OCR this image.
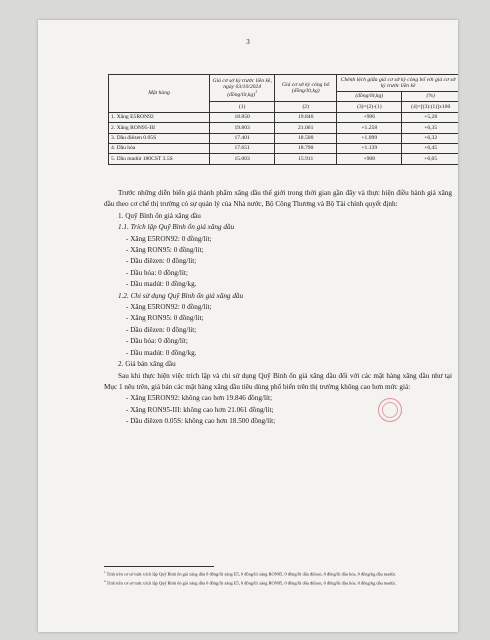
3
Mặt hàng	Giá cơ sở kỳ trước liền kề, ngày 03/10/2024 (đồng/lít,kg)$^1$	Giá cơ sở kỳ công bố (đồng/lít,kg)	Chênh lệch giữa giá cơ sở kỳ công bố với giá cơ sở kỳ trước liền kề	
			(đồng/lít,kg)	(%)
	(1)	(2)	(3)=(2)-(1)	(4)=[(3):(1)]x100
1. Xăng E5RON92	18.850	19.846	+996	+5,28
2. Xăng RON95-III	19.803	21.061	+1.258	+6,35
3. Dầu điêzen 0.05S	17.401	18.500	+1.099	+6,32
4. Dầu hỏa	17.651	18.790	+1.139	+6,45
5. Dầu madút 180CST 3.5S	15.003	15.911	+908	+6,05

Trước những diễn biến giá thành phẩm xăng dầu thế giới trong thời gian gần đây và thực hiện điều hành giá xăng dầu theo cơ chế thị trường có sự quản lý của Nhà nước, Bộ Công Thương và Bộ Tài chính quyết định:

1. Quỹ Bình ổn giá xăng dầu

1.1. Trích lập Quỹ Bình ổn giá xăng dầu

- Xăng E5RON92: 0 đồng/lít;

- Xăng RON95: 0 đồng/lít;

- Dầu điêzen: 0 đồng/lít;

- Dầu hỏa: 0 đồng/lít;

- Dầu madút: 0 đồng/kg.

1.2. Chi sử dụng Quỹ Bình ổn giá xăng dầu

- Xăng E5RON92: 0 đồng/lít;

- Xăng RON95: 0 đồng/lít;

- Dầu điêzen: 0 đồng/lít;

- Dầu hỏa: 0 đồng/lít;

- Dầu madút: 0 đồng/kg.

2. Giá bán xăng dầu

Sau khi thực hiện việc trích lập và chi sử dụng Quỹ Bình ổn giá xăng dầu đối với các mặt hàng xăng dầu như tại Mục 1 nêu trên, giá bán các mặt hàng xăng dầu tiêu dùng phổ biến trên thị trường không cao hơn mức giá:

- Xăng E5RON92: không cao hơn 19.846 đồng/lít;

- Xăng RON95-III: không cao hơn 21.061 đồng/lít;

- Dầu điêzen 0.05S: không cao hơn 18.500 đồng/lít;

$^1$ Tính trên cơ sở mức trích lập Quỹ Bình ổn giá xăng dầu 0 đồng/lít xăng E5, 0 đồng/lít xăng RON95, 0 đồng/lít dầu điêzen, 0 đồng/lít dầu hỏa, 0 đồng/kg dầu madút.
$^2$ Tính trên cơ sở mức trích lập Quỹ Bình ổn giá xăng dầu 0 đồng/lít xăng E5, 0 đồng/lít xăng RON95, 0 đồng/lít dầu điêzen, 0 đồng/lít dầu hỏa, 0 đồng/kg dầu madút.
